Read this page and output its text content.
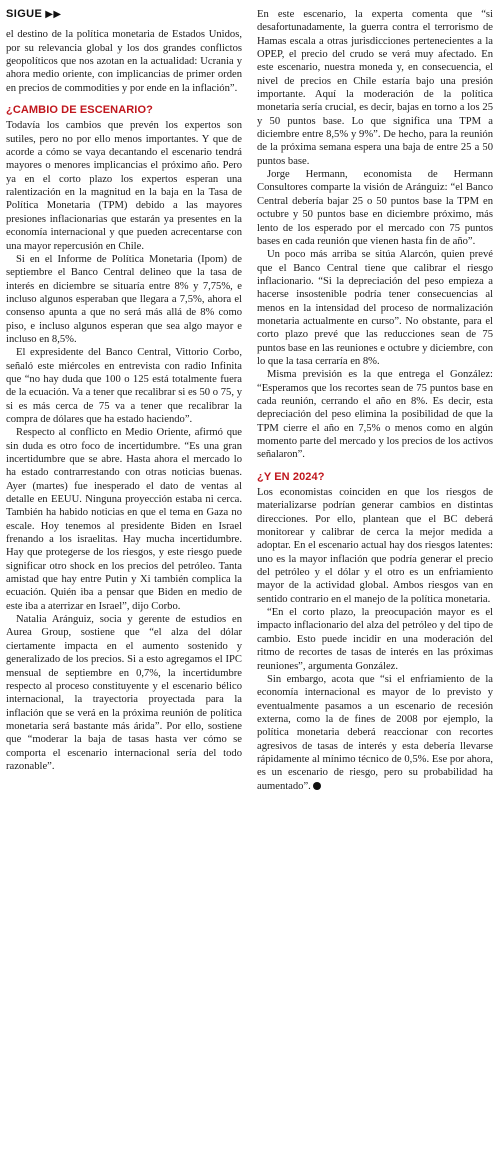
SIGUE ▶▶

el destino de la política monetaria de Estados Unidos, por su relevancia global y los dos grandes conflictos geopolíticos que nos azotan en la actualidad: Ucrania y ahora medio oriente, con implicancias de primer orden en precios de commodities y por ende en la inflación”.

¿CAMBIO DE ESCENARIO?

Todavía los cambios que prevén los expertos son sutiles, pero no por ello menos importantes. Y que de acorde a cómo se vaya decantando el escenario tendrá mayores o menores implicancias el próximo año. Pero ya en el corto plazo los expertos esperan una ralentización en la magnitud en la baja en la Tasa de Política Monetaria (TPM) debido a las mayores presiones inflacionarias que estarán ya presentes en la economía internacional y que pueden acrecentarse con una mayor repercusión en Chile.

Si en el Informe de Política Monetaria (Ipom) de septiembre el Banco Central delineo que la tasa de interés en diciembre se situaría entre 8% y 7,75%, e incluso algunos esperaban que llegara a 7,5%, ahora el consenso apunta a que no será más allá de 8% como piso, e incluso algunos esperan que sea algo mayor e incluso en 8,5%.

El expresidente del Banco Central, Vittorio Corbo, señaló este miércoles en entrevista con radio Infinita que “no hay duda que 100 o 125 está totalmente fuera de la ecuación. Va a tener que recalibrar si es 50 o 75, y si es más cerca de 75 va a tener que recalibrar la compra de dólares que ha estado haciendo”.

Respecto al conflicto en Medio Oriente, afirmó que sin duda es otro foco de incertidumbre. “Es una gran incertidumbre que se abre. Hasta ahora el mercado lo ha estado contrarrestando con otras noticias buenas. Ayer (martes) fue inesperado el dato de ventas al detalle en EEUU. Ninguna proyección estaba ni cerca. También ha habido noticias en que el tema en Gaza no escale. Hoy tenemos al presidente Biden en Israel frenando a los israelitas. Hay mucha incertidumbre. Hay que protegerse de los riesgos, y este riesgo puede significar otro shock en los precios del petróleo. Tanta amistad que hay entre Putin y Xi también complica la ecuación. Quién iba a pensar que Biden en medio de este iba a aterrizar en Israel”, dijo Corbo.

Natalia Aránguiz, socia y gerente de estudios en Aurea Group, sostiene que “el alza del dólar ciertamente impacta en el aumento sostenido y generalizado de los precios. Si a esto agregamos el IPC mensual de septiembre en 0,7%, la incertidumbre respecto al proceso constituyente y el escenario bélico internacional, la trayectoria proyectada para la inflación que se verá en la próxima reunión de política monetaria será bastante más árida”. Por ello, sostiene que “moderar la baja de tasas hasta ver cómo se comporta el escenario internacional sería del todo razonable”.

En este escenario, la experta comenta que “si desafortunadamente, la guerra contra el terrorismo de Hamas escala a otras jurisdicciones pertenecientes a la OPEP, el precio del crudo se verá muy afectado. En este escenario, nuestra moneda y, en consecuencia, el nivel de precios en Chile estaría bajo una presión importante. Aquí la moderación de la política monetaria sería crucial, es decir, bajas en torno a los 25 y 50 puntos base. Lo que significa una TPM a diciembre entre 8,5% y 9%”. De hecho, para la reunión de la próxima semana espera una baja de entre 25 a 50 puntos base.

Jorge Hermann, economista de Hermann Consultores comparte la visión de Aránguiz: “el Banco Central debería bajar 25 o 50 puntos base la TPM en octubre y 50 puntos base en diciembre próximo, más lento de los esperado por el mercado con 75 puntos bases en cada reunión que vienen hasta fin de año”.

Un poco más arriba se sitúa Alarcón, quien prevé que el Banco Central tiene que calibrar el riesgo inflacionario. “Si la depreciación del peso empieza a hacerse insostenible podría tener consecuencias al menos en la intensidad del proceso de normalización monetaria actualmente en curso”. No obstante, para el corto plazo prevé que las reducciones sean de 75 puntos base en las reuniones e octubre y diciembre, con lo que la tasa cerraría en 8%.

Misma previsión es la que entrega el González: “Esperamos que los recortes sean de 75 puntos base en cada reunión, cerrando el año en 8%. Es decir, esta depreciación del peso elimina la posibilidad de que la TPM cierre el año en 7,5% o menos como en algún momento parte del mercado y los precios de los activos señalaron”.

¿Y EN 2024?

Los economistas coinciden en que los riesgos de materializarse podrían generar cambios en distintas direcciones. Por ello, plantean que el BC deberá monitorear y calibrar de cerca la mejor medida a adoptar. En el escenario actual hay dos riesgos latentes: uno es la mayor inflación que podría generar el precio del petróleo y el dólar y el otro es un enfriamiento mayor de la actividad global. Ambos riesgos van en sentido contrario en el manejo de la política monetaria.

“En el corto plazo, la preocupación mayor es el impacto inflacionario del alza del petróleo y del tipo de cambio. Esto puede incidir en una moderación del ritmo de recortes de tasas de interés en las próximas reuniones”, argumenta González.

Sin embargo, acota que “si el enfriamiento de la economía internacional es mayor de lo previsto y eventualmente pasamos a un escenario de recesión externa, como la de fines de 2008 por ejemplo, la política monetaria deberá reaccionar con recortes agresivos de tasas de interés y esta debería llevarse rápidamente al mínimo técnico de 0,5%. Ese por ahora, es un escenario de riesgo, pero su probabilidad ha aumentado”.
